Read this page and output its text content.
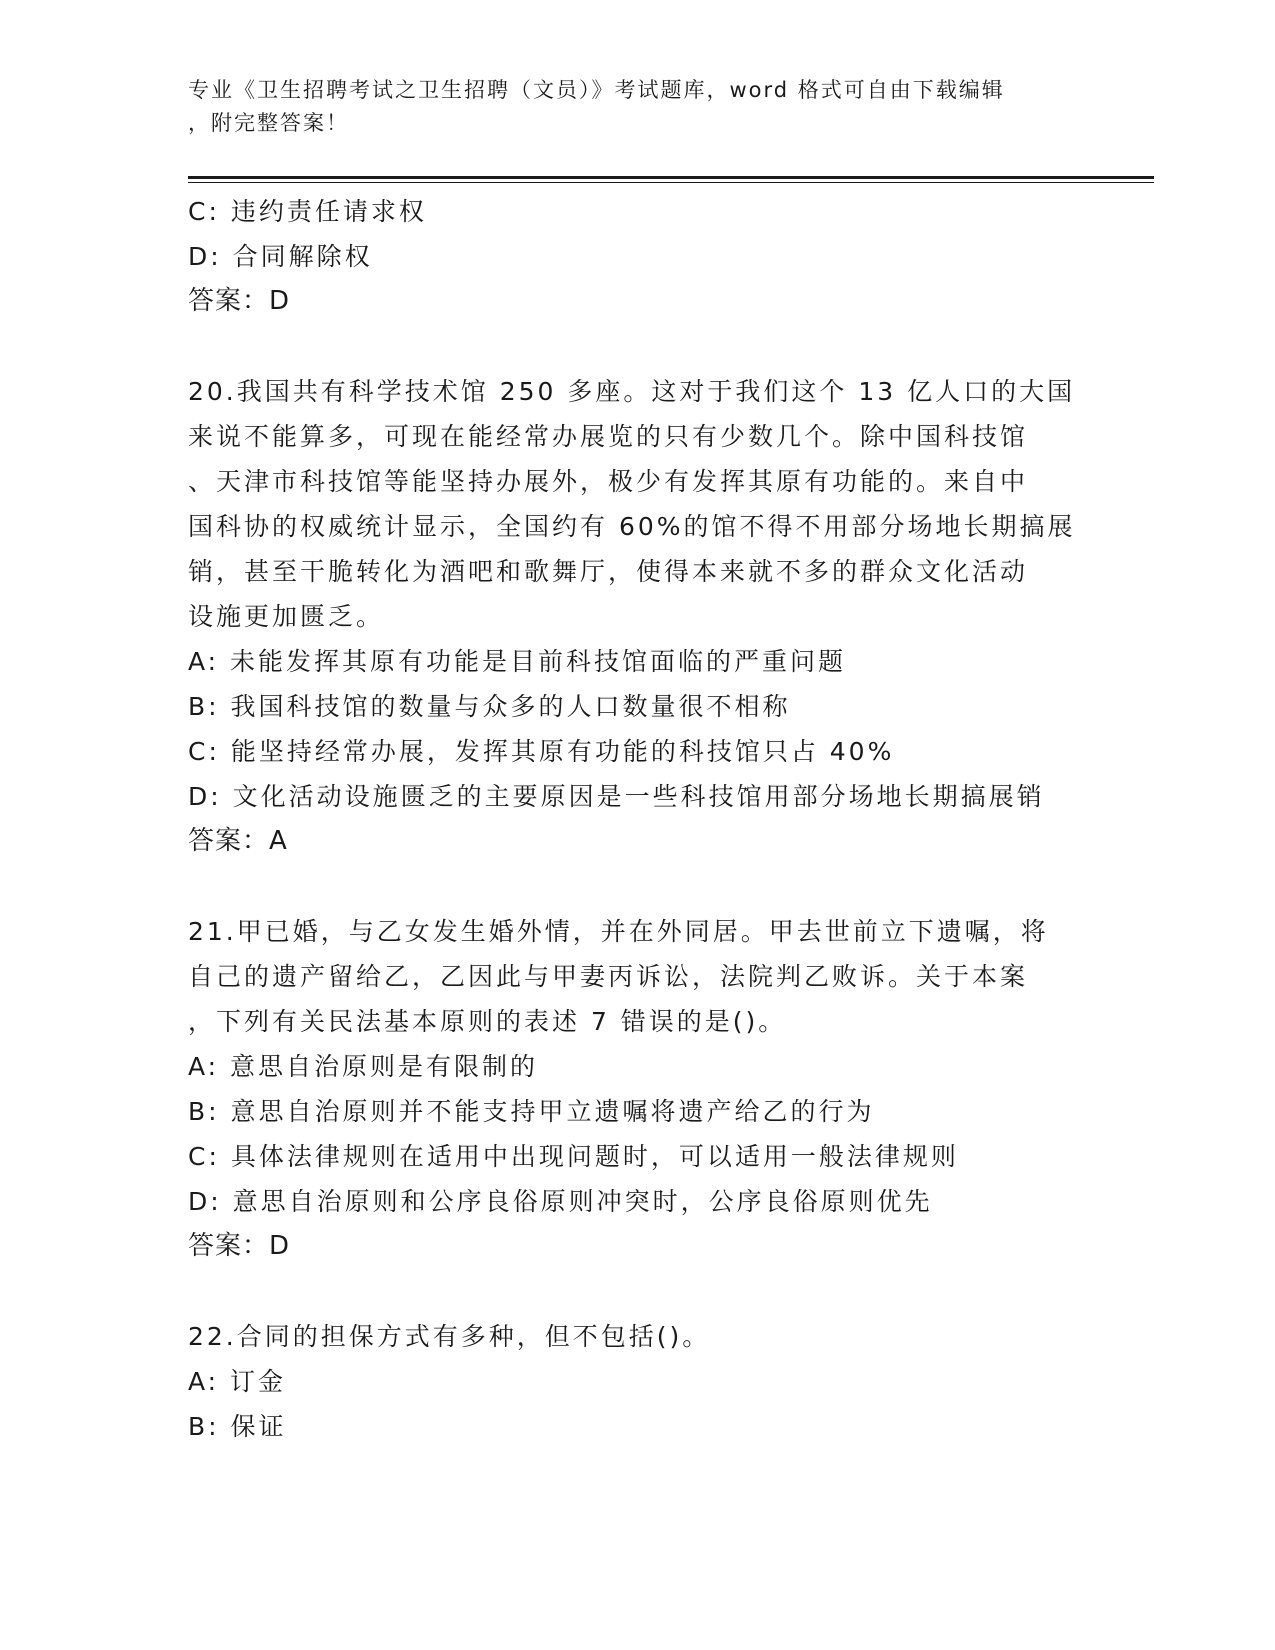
专业《卫生招聘考试之卫生招聘（文员）》考试题库，word 格式可自由下载编辑
，附完整答案！
C: 违约责任请求权
D: 合同解除权
答案：D
20.我国共有科学技术馆 250 多座。这对于我们这个 13 亿人口的大国
来说不能算多，可现在能经常办展览的只有少数几个。除中国科技馆
、天津市科技馆等能坚持办展外，极少有发挥其原有功能的。来自中
国科协的权威统计显示，全国约有 60%的馆不得不用部分场地长期搞展
销，甚至干脆转化为酒吧和歌舞厅，使得本来就不多的群众文化活动
设施更加匮乏。
A: 未能发挥其原有功能是目前科技馆面临的严重问题
B: 我国科技馆的数量与众多的人口数量很不相称
C: 能坚持经常办展，发挥其原有功能的科技馆只占 40%
D: 文化活动设施匮乏的主要原因是一些科技馆用部分场地长期搞展销
答案：A
21.甲已婚，与乙女发生婚外情，并在外同居。甲去世前立下遗嘱，将
自己的遗产留给乙，乙因此与甲妻丙诉讼，法院判乙败诉。关于本案
，下列有关民法基本原则的表述 7 错误的是()。
A: 意思自治原则是有限制的
B: 意思自治原则并不能支持甲立遗嘱将遗产给乙的行为
C: 具体法律规则在适用中出现问题时，可以适用一般法律规则
D: 意思自治原则和公序良俗原则冲突时，公序良俗原则优先
答案：D
22.合同的担保方式有多种，但不包括()。
A: 订金
B: 保证
